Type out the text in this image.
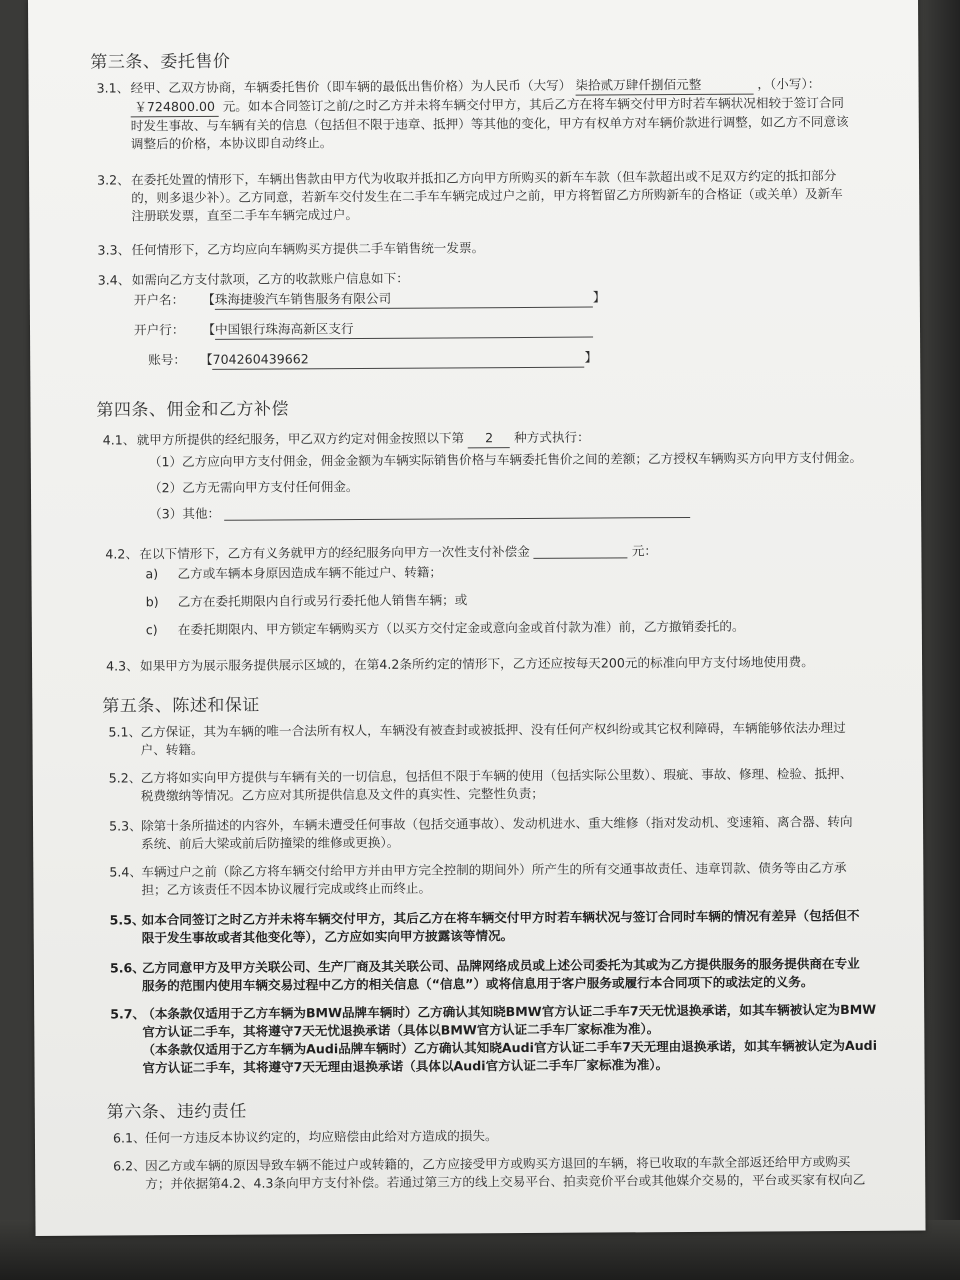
第三条、委托售价
3.1、 经甲、乙双方协商，车辆委托售价（即车辆的最低出售价格）为人民币（大写） 柒拾贰万肆仟捌佰元整	，（小写）：
￥724800.00 元。如本合同签订之前/之时乙方并未将车辆交付甲方，其后乙方在将车辆交付甲方时若车辆状况相较于签订合同
时发生事故、与车辆有关的信息（包括但不限于违章、抵押）等其他的变化，甲方有权单方对车辆价款进行调整，如乙方不同意该
调整后的价格，本协议即自动终止。
3.2、 在委托处置的情形下，车辆出售款由甲方代为收取并抵扣乙方向甲方所购买的新车车款（但车款超出或不足双方约定的抵扣部分
的，则多退少补）。乙方同意，若新车交付发生在二手车车辆完成过户之前，甲方将暂留乙方所购新车的合格证（或关单）及新车
注册联发票，直至二手车车辆完成过户。
3.3、 任何情形下，乙方均应向车辆购买方提供二手车销售统一发票。
3.4、 如需向乙方支付款项，乙方的收款账户信息如下：
开户名： 【珠海捷骏汽车销售服务有限公司	】
开户行： 【中国银行珠海高新区支行
账号： 【704260439662	】
第四条、佣金和乙方补偿
4.1、 就甲方所提供的经纪服务，甲乙双方约定对佣金按照以下第 2 种方式执行：
（1）乙方应向甲方支付佣金，佣金金额为车辆实际销售价格与车辆委托售价之间的差额；乙方授权车辆购买方向甲方支付佣金。
（2）乙方无需向甲方支付任何佣金。
（3）其他：
4.2、 在以下情形下，乙方有义务就甲方的经纪服务向甲方一次性支付补偿金	元：
a) 乙方或车辆本身原因造成车辆不能过户、转籍；
b) 乙方在委托期限内自行或另行委托他人销售车辆；或
c) 在委托期限内、甲方锁定车辆购买方（以买方交付定金或意向金或首付款为准）前，乙方撤销委托的。
4.3、 如果甲方为展示服务提供展示区域的，在第4.2条所约定的情形下，乙方还应按每天200元的标准向甲方支付场地使用费。
第五条、陈述和保证
5.1、 乙方保证，其为车辆的唯一合法所有权人，车辆没有被查封或被抵押、没有任何产权纠纷或其它权利障碍，车辆能够依法办理过
户、转籍。
5.2、 乙方将如实向甲方提供与车辆有关的一切信息，包括但不限于车辆的使用（包括实际公里数）、瑕疵、事故、修理、检验、抵押、
税费缴纳等情况。乙方应对其所提供信息及文件的真实性、完整性负责；
5.3、 除第十条所描述的内容外，车辆未遭受任何事故（包括交通事故）、发动机进水、重大维修（指对发动机、变速箱、离合器、转向
系统、前后大梁或前后防撞梁的维修或更换）。
5.4、 车辆过户之前（除乙方将车辆交付给甲方并由甲方完全控制的期间外）所产生的所有交通事故责任、违章罚款、债务等由乙方承
担；乙方该责任不因本协议履行完成或终止而终止。
5.5、
如本合同签订之时乙方并未将车辆交付甲方，其后乙方在将车辆交付甲方时若车辆状况与签订合同时车辆的情况有差异（包括但不
限于发生事故或者其他变化等），乙方应如实向甲方披露该等情况。
5.6、
乙方同意甲方及甲方关联公司、生产厂商及其关联公司、品牌网络成员或上述公司委托为其或为乙方提供服务的服务提供商在专业
服务的范围内使用车辆交易过程中乙方的相关信息（“信息”）或将信息用于客户服务或履行本合同项下的或法定的义务。
5.7、
（本条款仅适用于乙方车辆为BMW品牌车辆时）乙方确认其知晓BMW官方认证二手车7天无忧退换承诺，如其车辆被认定为BMW
官方认证二手车，其将遵守7天无忧退换承诺（具体以BMW官方认证二手车厂家标准为准）。
（本条款仅适用于乙方车辆为Audi品牌车辆时）乙方确认其知晓Audi官方认证二手车7天无理由退换承诺，如其车辆被认定为Audi
官方认证二手车，其将遵守7天无理由退换承诺（具体以Audi官方认证二手车厂家标准为准）。
第六条、违约责任
6.1、 任何一方违反本协议约定的，均应赔偿由此给对方造成的损失。
6.2、 因乙方或车辆的原因导致车辆不能过户或转籍的，乙方应接受甲方或购买方退回的车辆，将已收取的车款全部返还给甲方或购买
方；并依据第4.2、4.3条向甲方支付补偿。若通过第三方的线上交易平台、拍卖竞价平台或其他媒介交易的，平台或买家有权向乙
